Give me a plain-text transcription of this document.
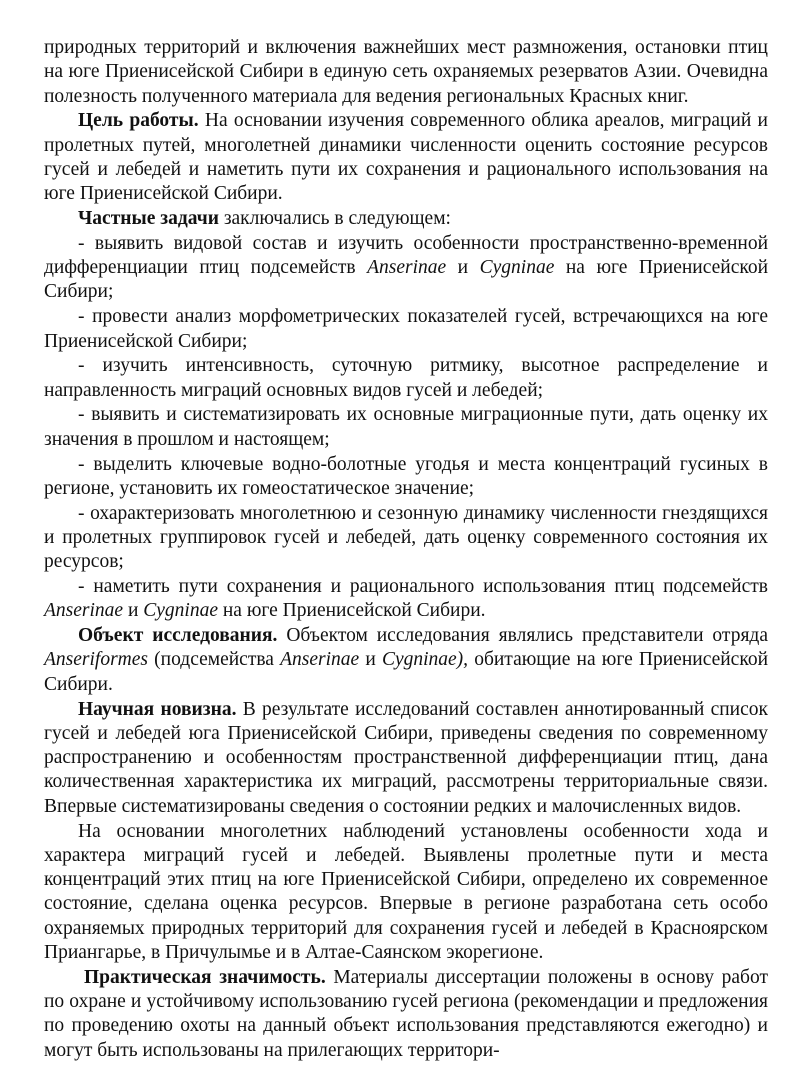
природных территорий и включения важнейших мест размножения, остановки птиц на юге Приенисейской Сибири в единую сеть охраняемых резерватов Азии. Очевидна полезность полученного материала для ведения региональных Красных книг.

Цель работы. На основании изучения современного облика ареалов, миграций и пролетных путей, многолетней динамики численности оценить состояние ресурсов гусей и лебедей и наметить пути их сохранения и рационального использования на юге Приенисейской Сибири.

Частные задачи заключались в следующем:

- выявить видовой состав и изучить особенности пространственно-временной дифференциации птиц подсемейств Anserinae и Cygninae на юге Приенисейской Сибири;

- провести анализ морфометрических показателей гусей, встречающихся на юге Приенисейской Сибири;

- изучить интенсивность, суточную ритмику, высотное распределение и направленность миграций основных видов гусей и лебедей;

- выявить и систематизировать их основные миграционные пути, дать оценку их значения в прошлом и настоящем;

- выделить ключевые водно-болотные угодья и места концентраций гусиных в регионе, установить их гомеостатическое значение;

- охарактеризовать многолетнюю и сезонную динамику численности гнездящихся и пролетных группировок гусей и лебедей, дать оценку современного состояния их ресурсов;

- наметить пути сохранения и рационального использования птиц подсемейств Anserinae и Cygninae на юге Приенисейской Сибири.

Объект исследования. Объектом исследования являлись представители отряда Anseriformes (подсемейства Anserinae и Cygninae), обитающие на юге Приенисейской Сибири.

Научная новизна. В результате исследований составлен аннотированный список гусей и лебедей юга Приенисейской Сибири, приведены сведения по современному распространению и особенностям пространственной дифференциации птиц, дана количественная характеристика их миграций, рассмотрены территориальные связи. Впервые систематизированы сведения о состоянии редких и малочисленных видов.

На основании многолетних наблюдений установлены особенности хода и характера миграций гусей и лебедей. Выявлены пролетные пути и места концентраций этих птиц на юге Приенисейской Сибири, определено их современное состояние, сделана оценка ресурсов. Впервые в регионе разработана сеть особо охраняемых природных территорий для сохранения гусей и лебедей в Красноярском Приангарье, в Причулымье и в Алтае-Саянском экорегионе.

Практическая значимость. Материалы диссертации положены в основу работ по охране и устойчивому использованию гусей региона (рекомендации и предложения по проведению охоты на данный объект использования представляются ежегодно) и могут быть использованы на прилегающих территори-
